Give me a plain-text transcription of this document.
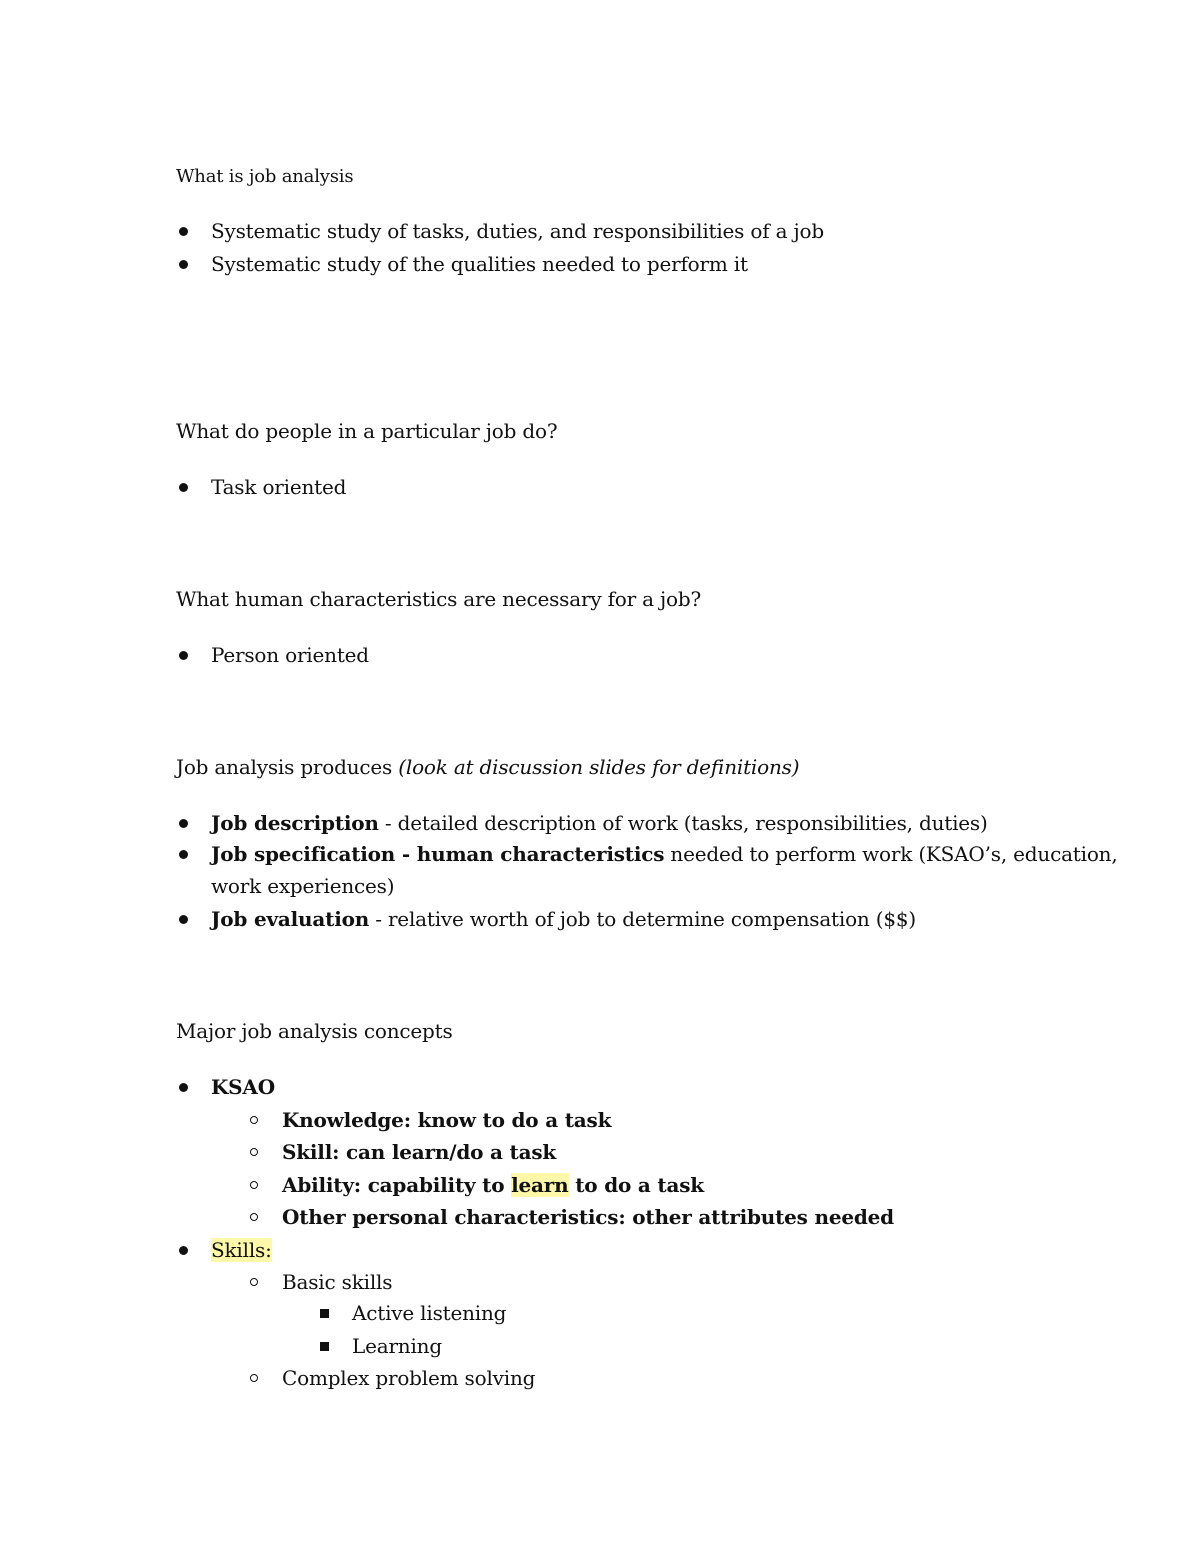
What is job analysis
Systematic study of tasks, duties, and responsibilities of a job
Systematic study of the qualities needed to perform it
What do people in a particular job do?
Task oriented
What human characteristics are necessary for a job?
Person oriented
Job analysis produces (look at discussion slides for definitions)
Job description - detailed description of work (tasks, responsibilities, duties)
Job specification - human characteristics needed to perform work (KSAO’s, education,
work experiences)
Job evaluation - relative worth of job to determine compensation ($$)
Major job analysis concepts
KSAO
Knowledge: know to do a task
Skill: can learn/do a task
Ability: capability to learn to do a task
Other personal characteristics: other attributes needed
Skills:
Basic skills
Active listening
Learning
Complex problem solving
